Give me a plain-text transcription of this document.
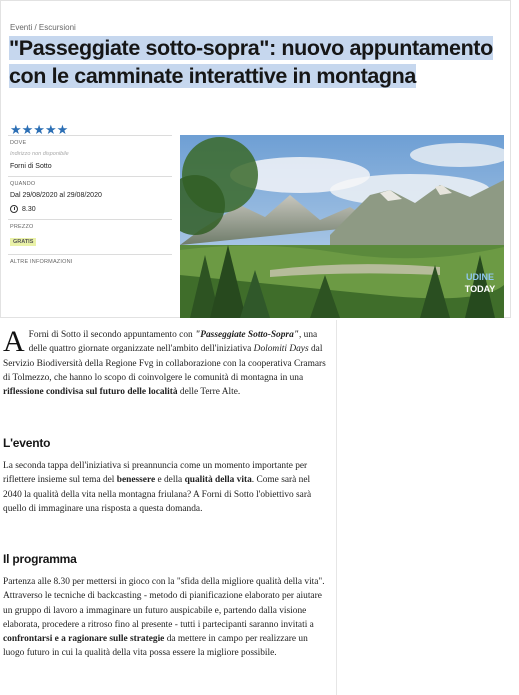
Eventi / Escursioni
"Passeggiate sotto-sopra": nuovo appuntamento con le camminate interattive in montagna
★★★★★
DOVE
Indirizzo non disponibile
Forni di Sotto
QUANDO
Dal 29/08/2020 al 29/08/2020
8.30
PREZZO
GRATIS
ALTRE INFORMAZIONI
UDINE
TODAY

A Forni di Sotto il secondo appuntamento con "Passeggiate Sotto-Sopra", una delle quattro giornate organizzate nell'ambito dell'iniziativa Dolomiti Days dal Servizio Biodiversità della Regione Fvg in collaborazione con la cooperativa Cramars di Tolmezzo, che hanno lo scopo di coinvolgere le comunità di montagna in una riflessione condivisa sul futuro delle località delle Terre Alte.

L'evento

La seconda tappa dell'iniziativa si preannuncia come un momento importante per riflettere insieme sul tema del benessere e della qualità della vita. Come sarà nel 2040 la qualità della vita nella montagna friulana? A Forni di Sotto l'obiettivo sarà quello di immaginare una risposta a questa domanda.

Il programma

Partenza alle 8.30 per mettersi in gioco con la "sfida della migliore qualità della vita". Attraverso le tecniche di backcasting - metodo di pianificazione elaborato per aiutare un gruppo di lavoro a immaginare un futuro auspicabile e, partendo dalla visione elaborata, procedere a ritroso fino al presente - tutti i partecipanti saranno invitati a confrontarsi e a ragionare sulle strategie da mettere in campo per realizzare un luogo futuro in cui la qualità della vita possa essere la migliore possibile.
